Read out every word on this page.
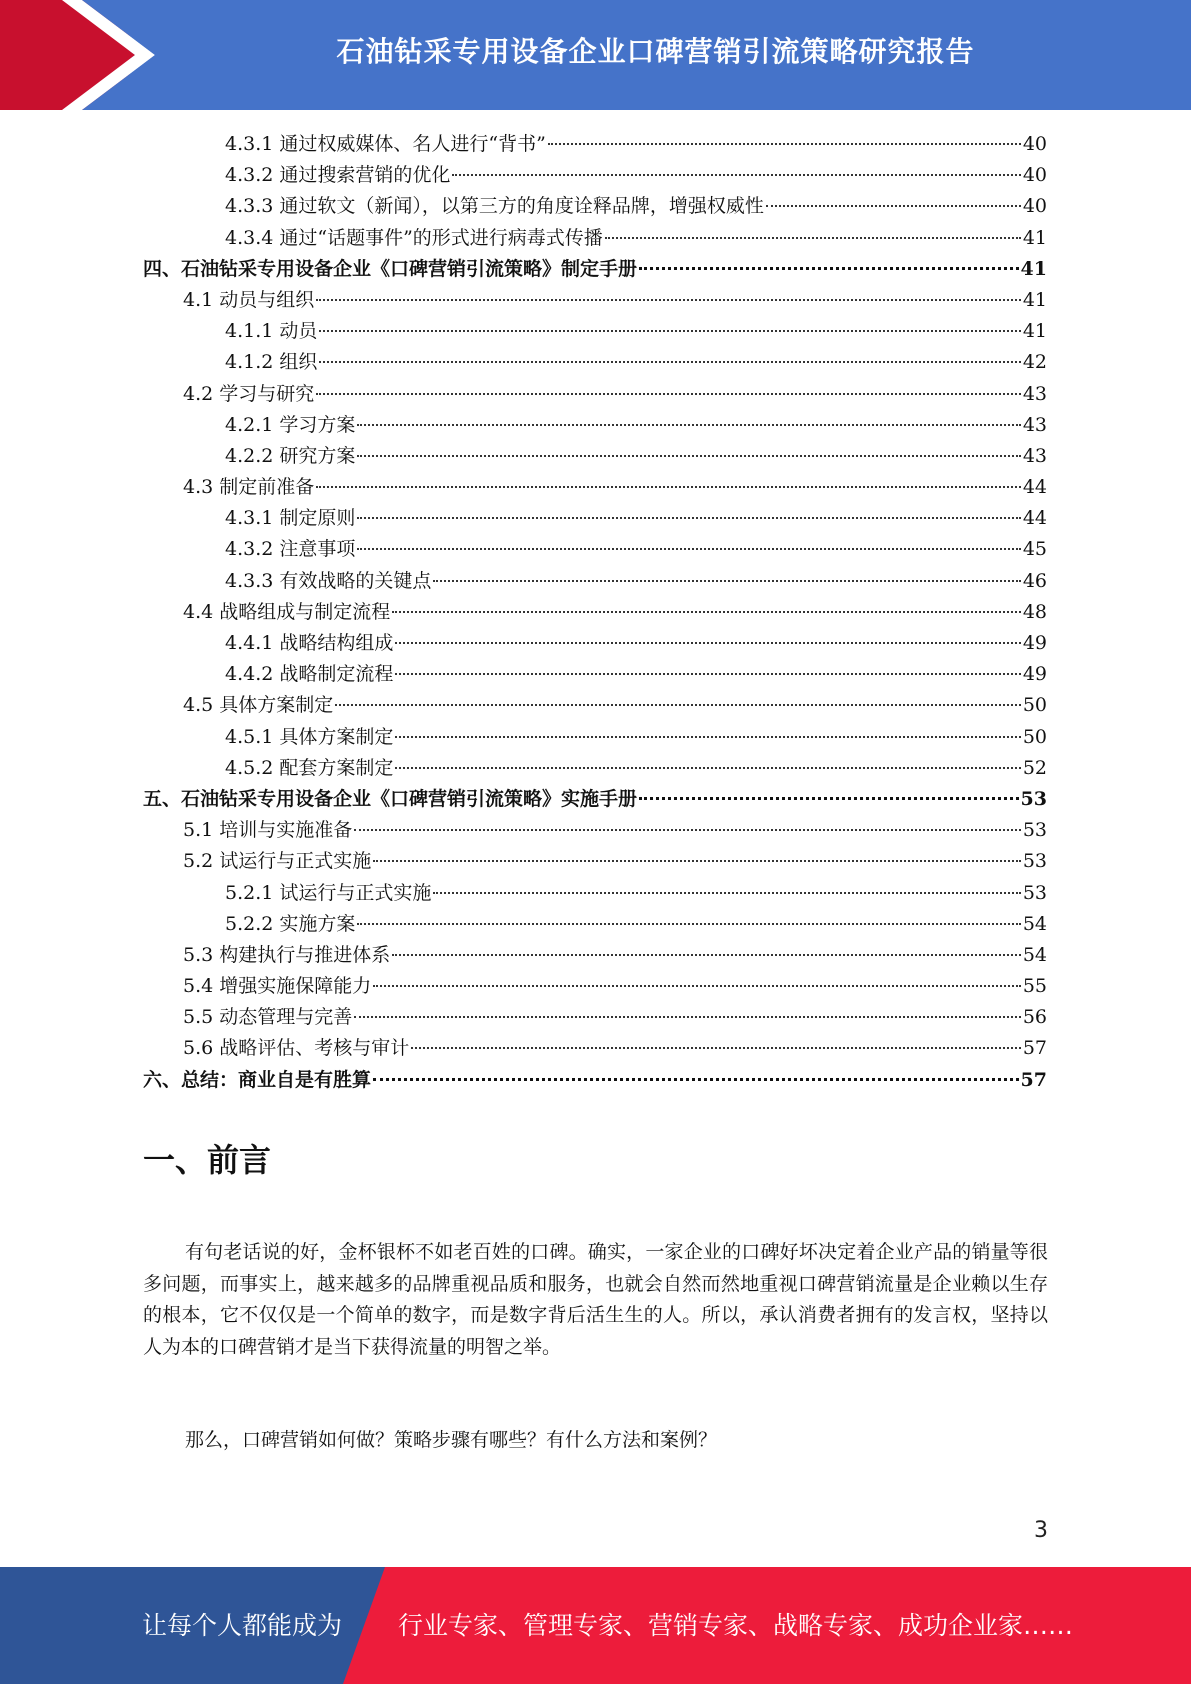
石油钻采专用设备企业口碑营销引流策略研究报告
4.3.1 通过权威媒体、名人进行“背书”	40
4.3.2 通过搜索营销的优化	40
4.3.3 通过软文（新闻），以第三方的角度诠释品牌，增强权威性	40
4.3.4 通过“话题事件”的形式进行病毒式传播	41
四、石油钻采专用设备企业《口碑营销引流策略》制定手册	41
4.1 动员与组织	41
4.1.1 动员	41
4.1.2 组织	42
4.2 学习与研究	43
4.2.1 学习方案	43
4.2.2 研究方案	43
4.3 制定前准备	44
4.3.1 制定原则	44
4.3.2 注意事项	45
4.3.3 有效战略的关键点	46
4.4 战略组成与制定流程	48
4.4.1 战略结构组成	49
4.4.2 战略制定流程	49
4.5 具体方案制定	50
4.5.1 具体方案制定	50
4.5.2 配套方案制定	52
五、石油钻采专用设备企业《口碑营销引流策略》实施手册	53
5.1 培训与实施准备	53
5.2 试运行与正式实施	53
5.2.1 试运行与正式实施	53
5.2.2 实施方案	54
5.3 构建执行与推进体系	54
5.4 增强实施保障能力	55
5.5 动态管理与完善	56
5.6 战略评估、考核与审计	57
六、总结：商业自是有胜算	57
一、前言

有句老话说的好，金杯银杯不如老百姓的口碑。确实，一家企业的口碑好坏决定着企业产品的销量等很多问题，而事实上，越来越多的品牌重视品质和服务，也就会自然而然地重视口碑营销流量是企业赖以生存的根本，它不仅仅是一个简单的数字，而是数字背后活生生的人。所以，承认消费者拥有的发言权，坚持以人为本的口碑营销才是当下获得流量的明智之举。

那么，口碑营销如何做？策略步骤有哪些？有什么方法和案例？

3
让每个人都能成为 行业专家、管理专家、营销专家、战略专家、成功企业家……
